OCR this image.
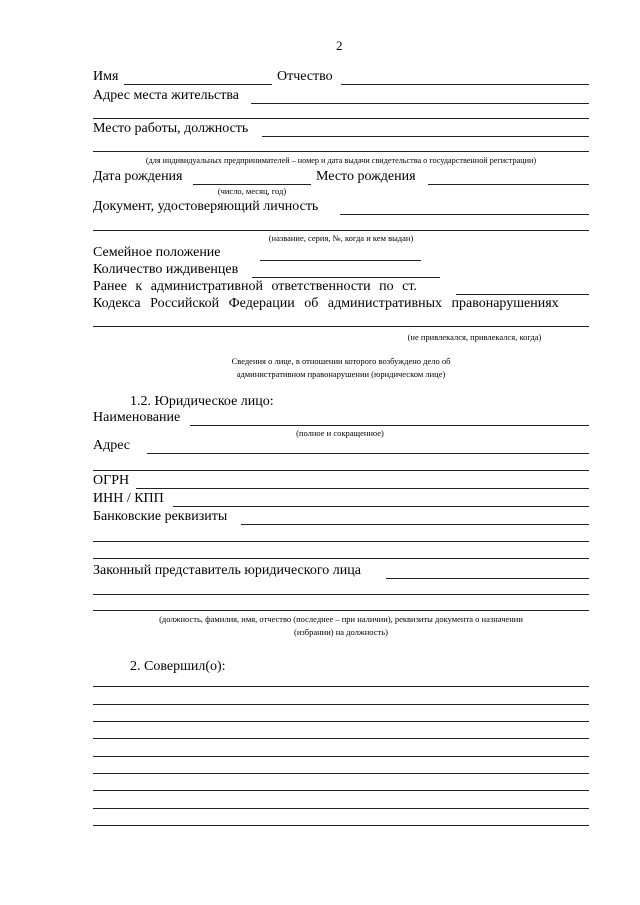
2
Имя	Отчество
Адрес места жительства
Место работы, должность
(для индивидуальных предпринимателей – номер и дата выдачи свидетельства о государственной регистрации)
Дата рождения	Место рождения
(число, месяц, год)
Документ, удостоверяющий личность
(название, серия, №, когда и кем выдан)
Семейное положение
Количество иждивенцев
Ранее к административной ответственности по ст.
Кодекса Российской Федерации об административных правонарушениях
(не привлекался, привлекался, когда)
Сведения о лице, в отношении которого возбуждено дело об
административном правонарушении (юридическом лице)
1.2. Юридическое лицо:
Наименование
(полное и сокращенное)
Адрес
ОГРН
ИНН / КПП
Банковские реквизиты
Законный представитель юридического лица
(должность, фамилия, имя, отчество (последнее – при наличии), реквизиты документа о назначении
(избрании) на должность)
2. Совершил(о):
